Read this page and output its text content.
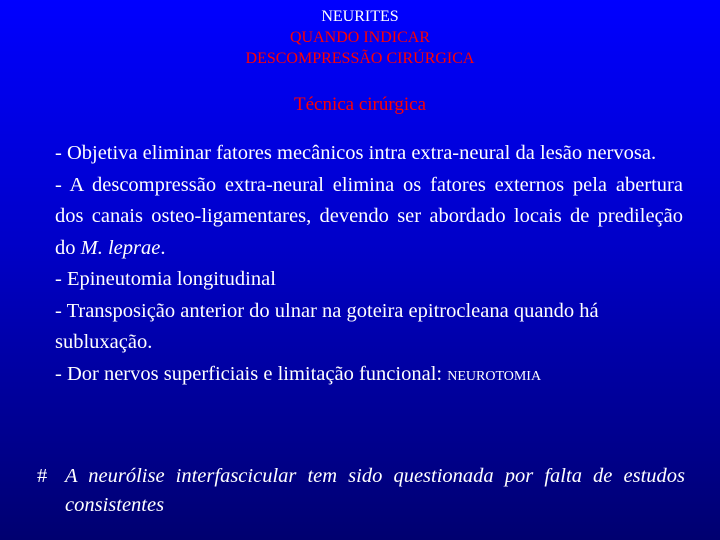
NEURITES
QUANDO INDICAR
DESCOMPRESSÃO CIRÚRGICA
Técnica cirúrgica

- Objetiva eliminar fatores mecânicos intra extra-neural da lesão nervosa.

- A descompressão extra-neural elimina os fatores externos pela abertura dos canais osteo-ligamentares, devendo ser abordado locais de predileção do M. leprae.

- Epineutomia longitudinal

- Transposição anterior do ulnar na goteira epitrocleana quando há subluxação.

- Dor nervos superficiais e limitação funcional: NEUROTOMIA

# A neurólise interfascicular tem sido questionada por falta de estudos consistentes
